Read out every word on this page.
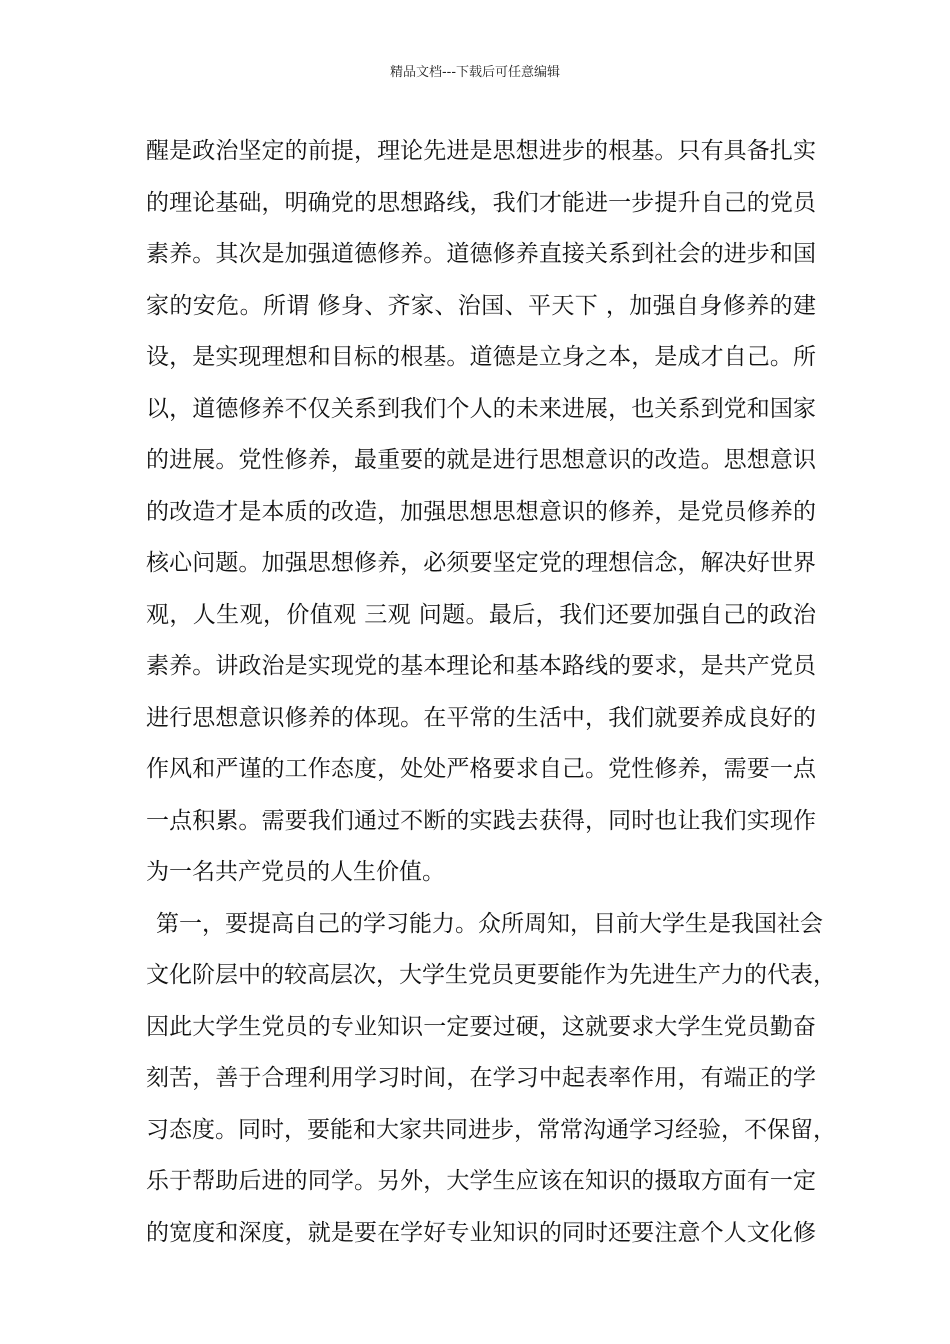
精品文档---下载后可任意编辑
醒是政治坚定的前提，理论先进是思想进步的根基。只有具备扎实
的理论基础，明确党的思想路线，我们才能进一步提升自己的党员
素养。其次是加强道德修养。道德修养直接关系到社会的进步和国
家的安危。所谓 修身、齐家、治国、平天下 ，加强自身修养的建
设，是实现理想和目标的根基。道德是立身之本，是成才自己。所
以，道德修养不仅关系到我们个人的未来进展，也关系到党和国家
的进展。党性修养，最重要的就是进行思想意识的改造。思想意识
的改造才是本质的改造，加强思想思想意识的修养，是党员修养的
核心问题。加强思想修养，必须要坚定党的理想信念，解决好世界
观，人生观，价值观 三观 问题。最后，我们还要加强自己的政治
素养。讲政治是实现党的基本理论和基本路线的要求，是共产党员
进行思想意识修养的体现。在平常的生活中，我们就要养成良好的
作风和严谨的工作态度，处处严格要求自己。党性修养，需要一点
一点积累。需要我们通过不断的实践去获得，同时也让我们实现作
为一名共产党员的人生价值。
第一，要提高自己的学习能力。众所周知，目前大学生是我国社会
文化阶层中的较高层次，大学生党员更要能作为先进生产力的代表，
因此大学生党员的专业知识一定要过硬，这就要求大学生党员勤奋
刻苦，善于合理利用学习时间，在学习中起表率作用，有端正的学
习态度。同时，要能和大家共同进步，常常沟通学习经验，不保留，
乐于帮助后进的同学。另外，大学生应该在知识的摄取方面有一定
的宽度和深度，就是要在学好专业知识的同时还要注意个人文化修
